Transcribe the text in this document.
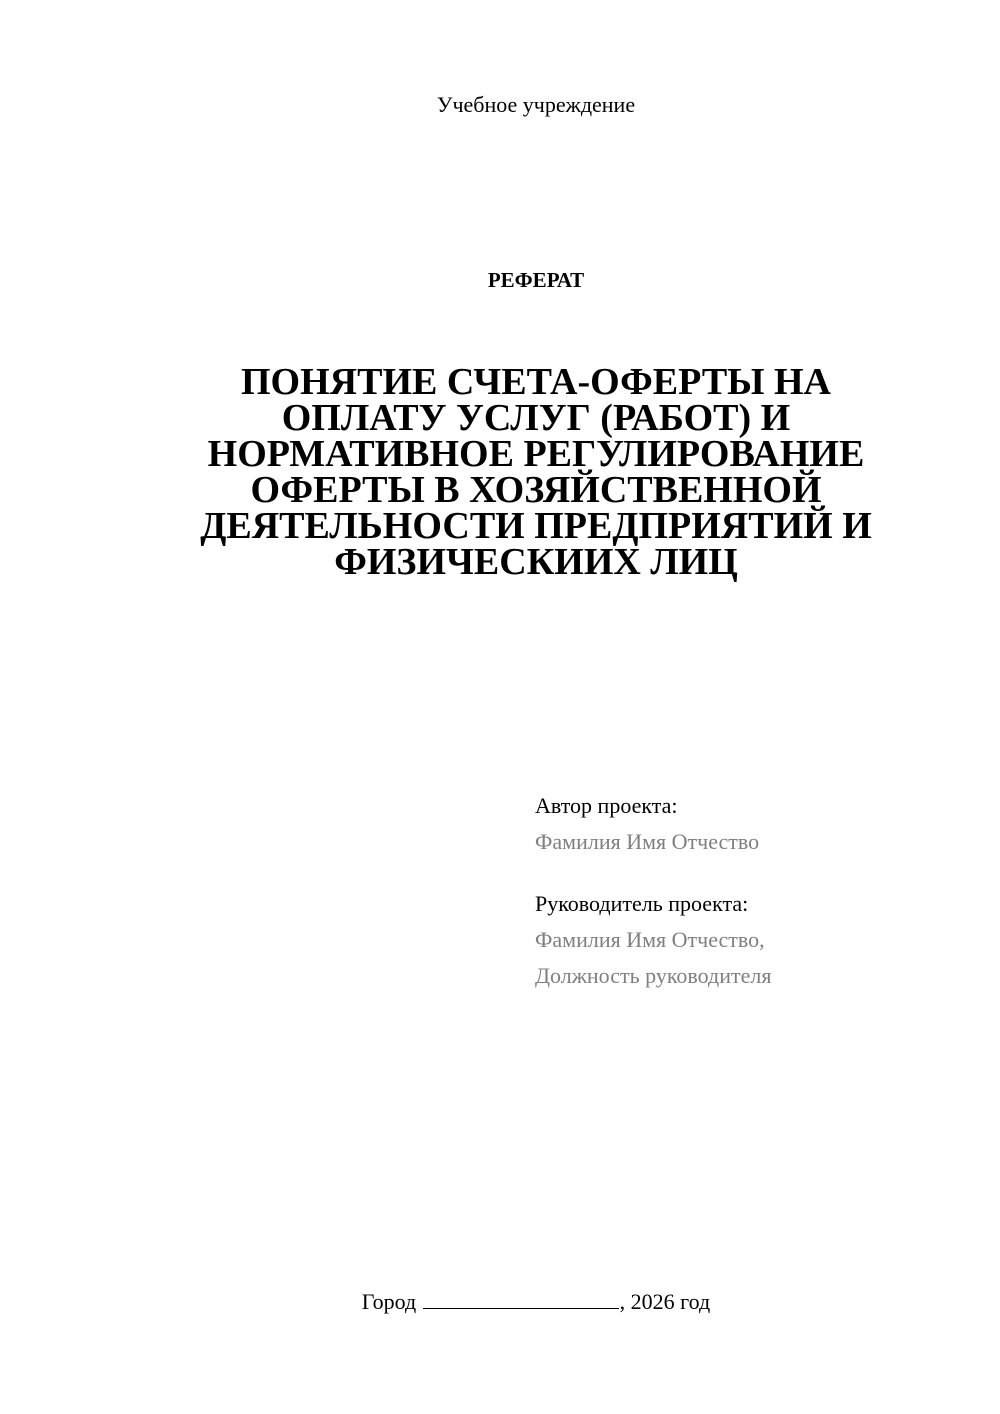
Учебное учреждение
РЕФЕРАТ
ПОНЯТИЕ СЧЕТА-ОФЕРТЫ НА
ОПЛАТУ УСЛУГ (РАБОТ) И
НОРМАТИВНОЕ РЕГУЛИРОВАНИЕ
ОФЕРТЫ В ХОЗЯЙСТВЕННОЙ
ДЕЯТЕЛЬНОСТИ ПРЕДПРИЯТИЙ И
ФИЗИЧЕСКИИХ ЛИЦ
Автор проекта:
Фамилия Имя Отчество
Руководитель проекта:
Фамилия Имя Отчество,
Должность руководителя
Город	, 2026 год
